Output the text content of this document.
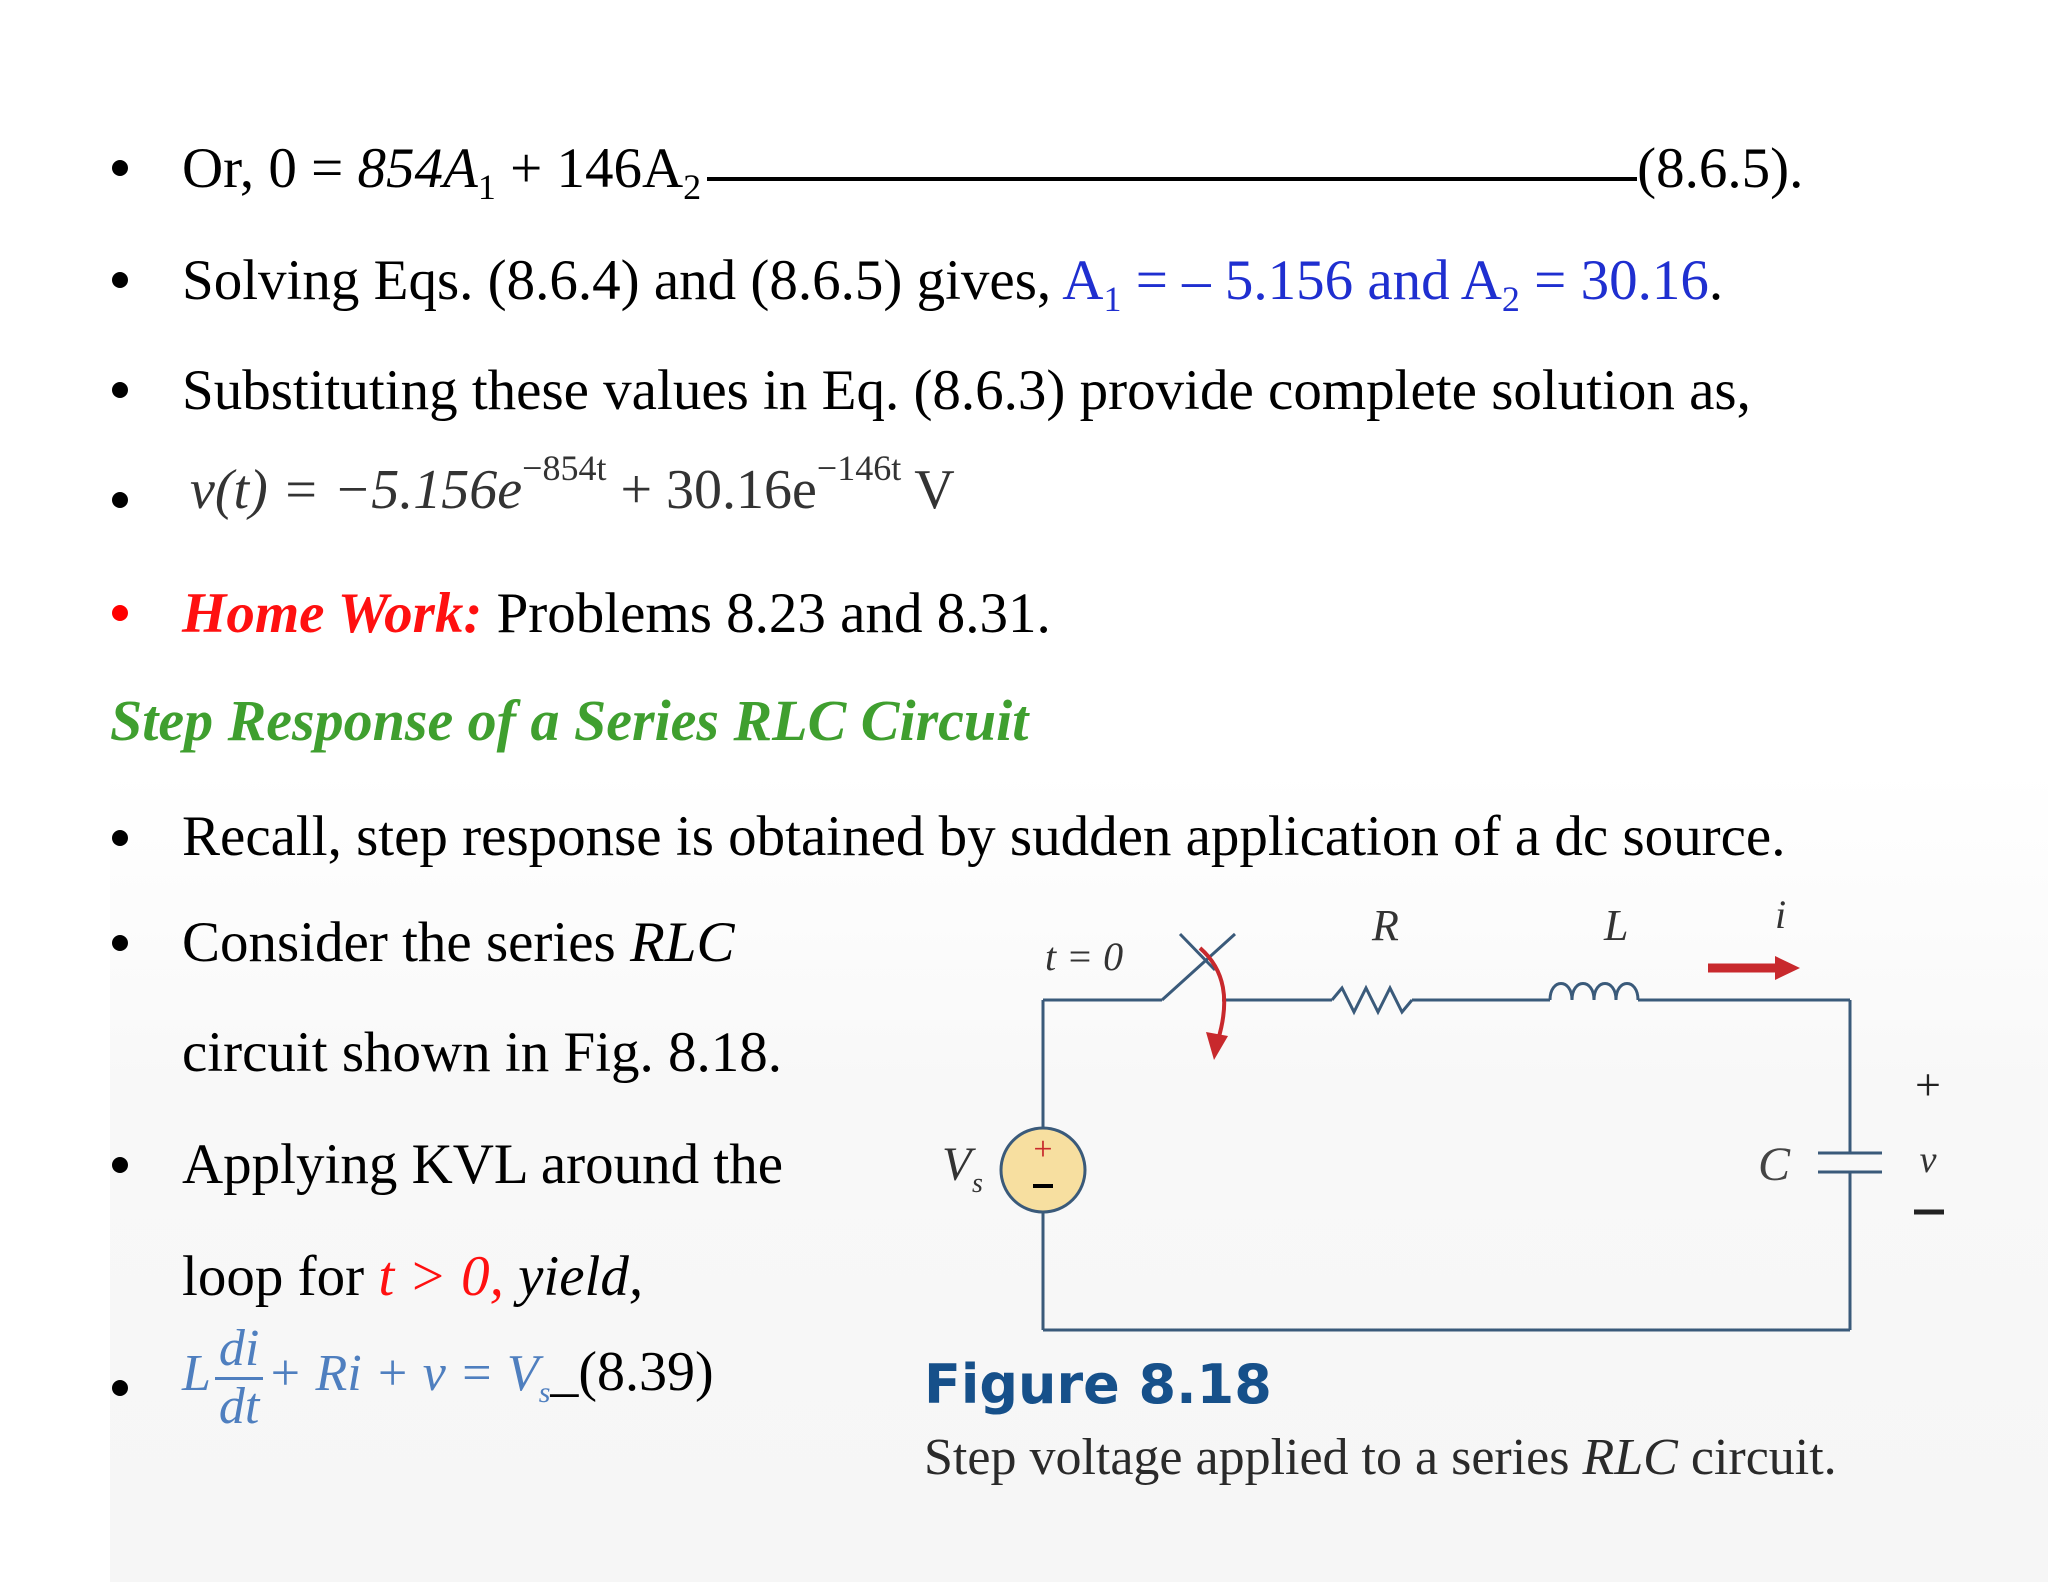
Or, $0 = 854A_1 + 146A_2$	(8.6.5).
Solving Eqs. (8.6.4) and (8.6.5) gives, $A_1$ = – 5.156 and $A_2 = 30.16$.
Substituting these values in Eq. (8.6.3) provide complete solution as,
$v(t) = -5.156e^{-854t} + 30.16e^{-146t}$ V
Home Work: Problems 8.23 and 8.31.
Step Response of a Series RLC Circuit
Recall, step response is obtained by sudden application of a dc source.
Consider the series RLC
circuit shown in Fig. 8.18.
Applying KVL around the
loop for t > 0, yield,
L $\frac{di}{dt} + Ri + v$ = $V_s\_(8.39)$
+
t = 0
R	L	i
C
V s
+
v
Figure 8.18
Step voltage applied to a series RLC circuit.
